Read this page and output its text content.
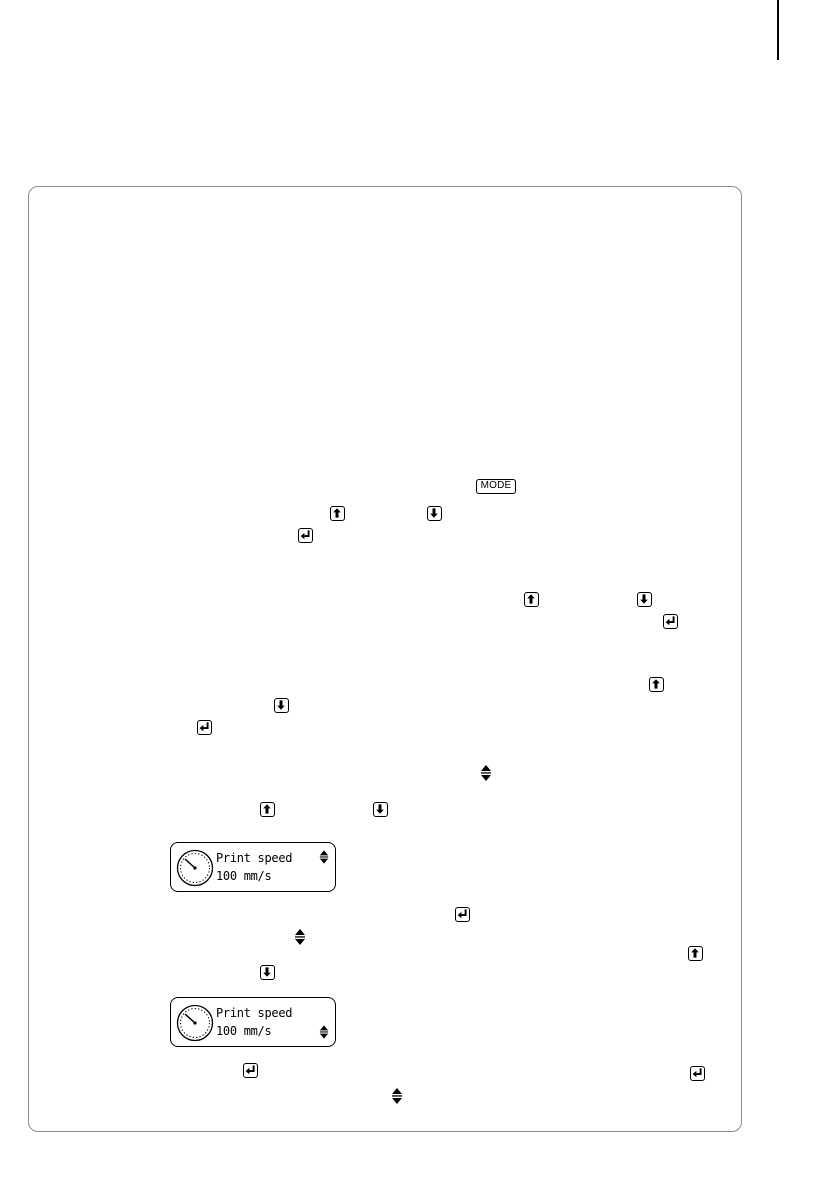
MODE
Print speed
100 mm/s
Print speed
100 mm/s
